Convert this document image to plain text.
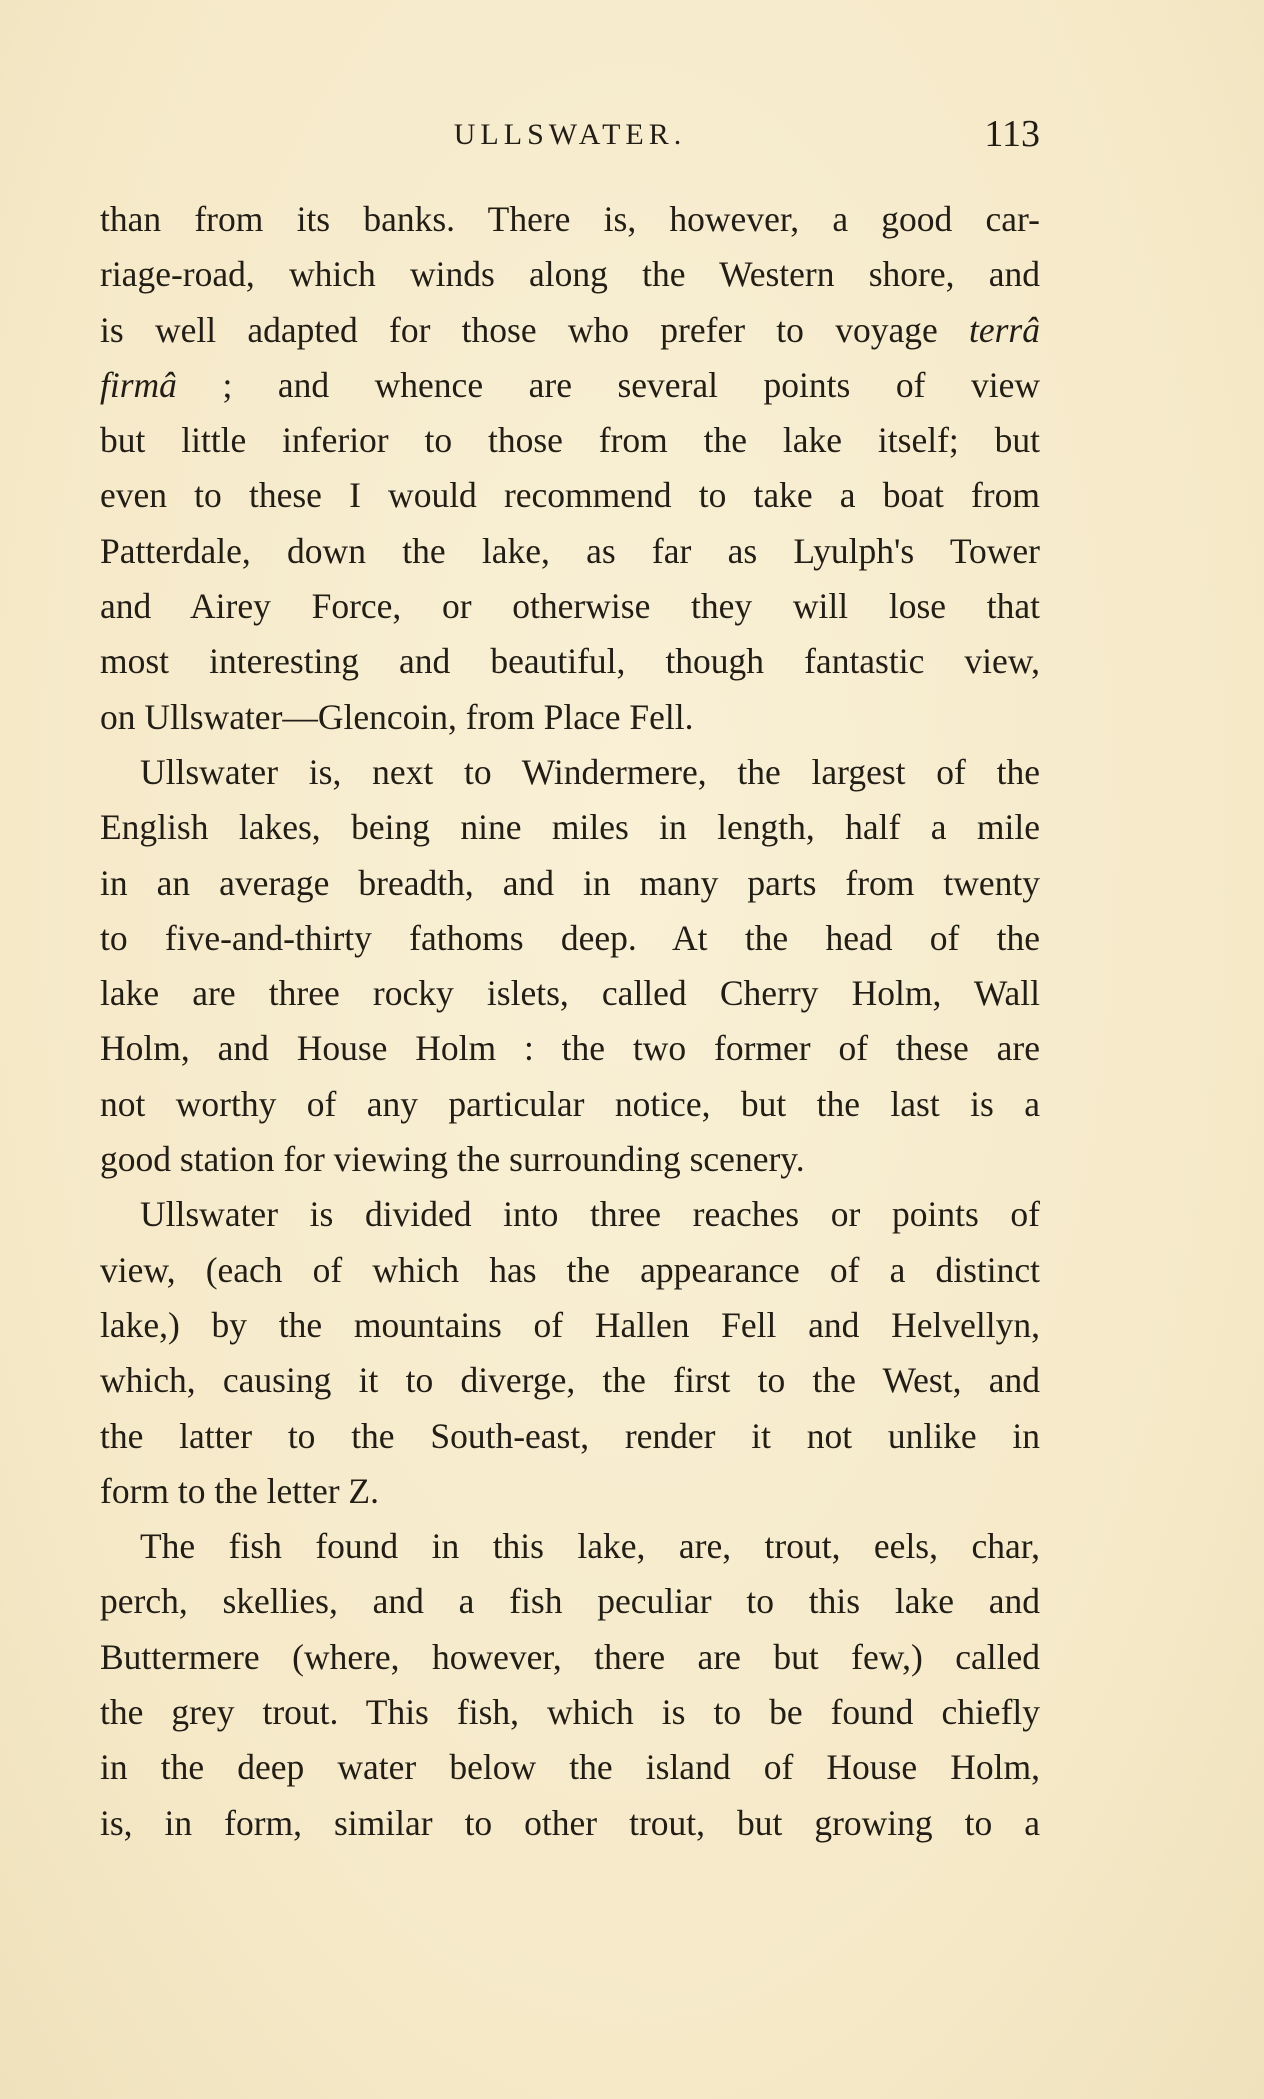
ULLSWATER.	113
than from its banks. There is, however, a good car-
riage-road, which winds along the Western shore, and
is well adapted for those who prefer to voyage terrâ
firmâ ; and whence are several points of view
but little inferior to those from the lake itself; but
even to these I would recommend to take a boat from
Patterdale, down the lake, as far as Lyulph's Tower
and Airey Force, or otherwise they will lose that
most interesting and beautiful, though fantastic view,
on Ullswater—Glencoin, from Place Fell.
Ullswater is, next to Windermere, the largest of the
English lakes, being nine miles in length, half a mile
in an average breadth, and in many parts from twenty
to five-and-thirty fathoms deep. At the head of the
lake are three rocky islets, called Cherry Holm, Wall
Holm, and House Holm : the two former of these are
not worthy of any particular notice, but the last is a
good station for viewing the surrounding scenery.
Ullswater is divided into three reaches or points of
view, (each of which has the appearance of a distinct
lake,) by the mountains of Hallen Fell and Helvellyn,
which, causing it to diverge, the first to the West, and
the latter to the South-east, render it not unlike in
form to the letter Z.
The fish found in this lake, are, trout, eels, char,
perch, skellies, and a fish peculiar to this lake and
Buttermere (where, however, there are but few,) called
the grey trout. This fish, which is to be found chiefly
in the deep water below the island of House Holm,
is, in form, similar to other trout, but growing to a
